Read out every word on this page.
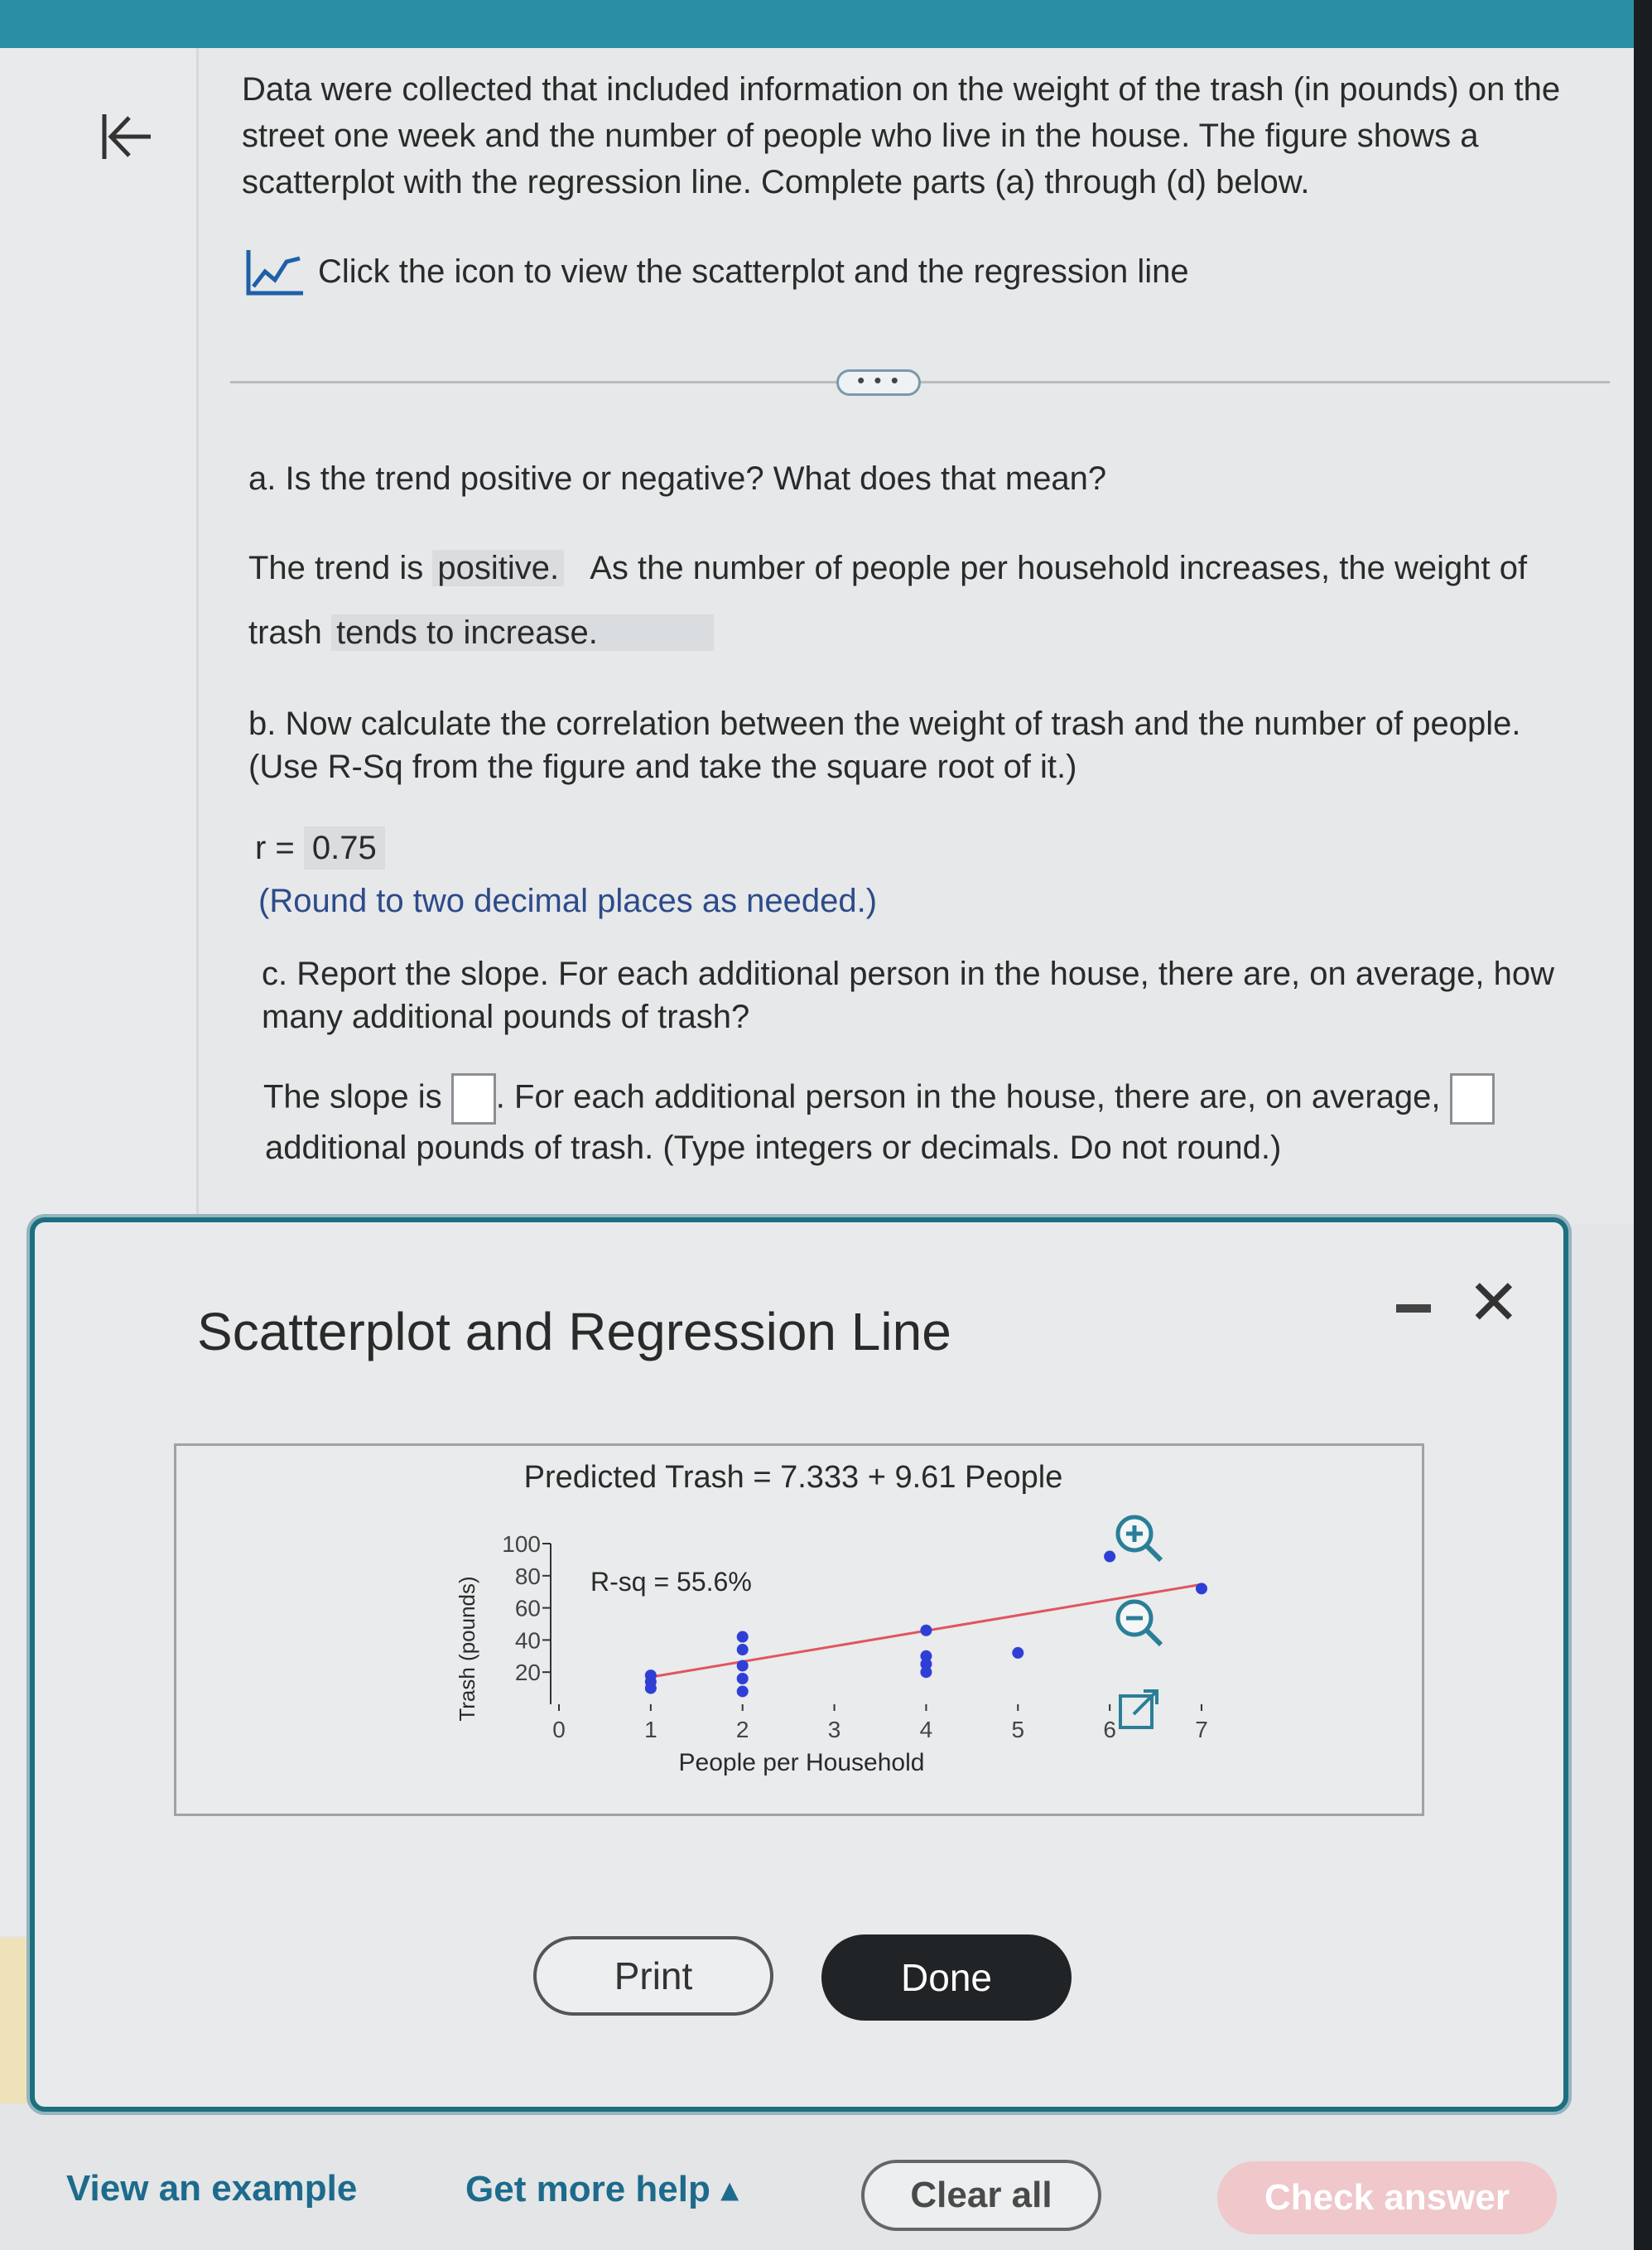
Data were collected that included information on the weight of the trash (in pounds) on the street one week and the number of people who live in the house. The figure shows a scatterplot with the regression line. Complete parts (a) through (d) below.
Click the icon to view the scatterplot and the regression line
• • •
a. Is the trend positive or negative? What does that mean?
The trend is positive. As the number of people per household increases, the weight of
trash tends to increase.
b. Now calculate the correlation between the weight of trash and the number of people.
(Use R-Sq from the figure and take the square root of it.)
r = 0.75
(Round to two decimal places as needed.)
c. Report the slope. For each additional person in the house, there are, on average, how
many additional pounds of trash?
The slope is . For each additional person in the house, there are, on average,
additional pounds of trash. (Type integers or decimals. Do not round.)
Scatterplot and Regression Line	✕
Predicted Trash = 7.333 + 9.61 People
R-sq = 55.6%
People per Household
Trash (pounds) 20
40
60
80
100
0	1	2	3	4	5	6	7
Print	Done
View an example	Get more help ▴	Clear all	Check answer
